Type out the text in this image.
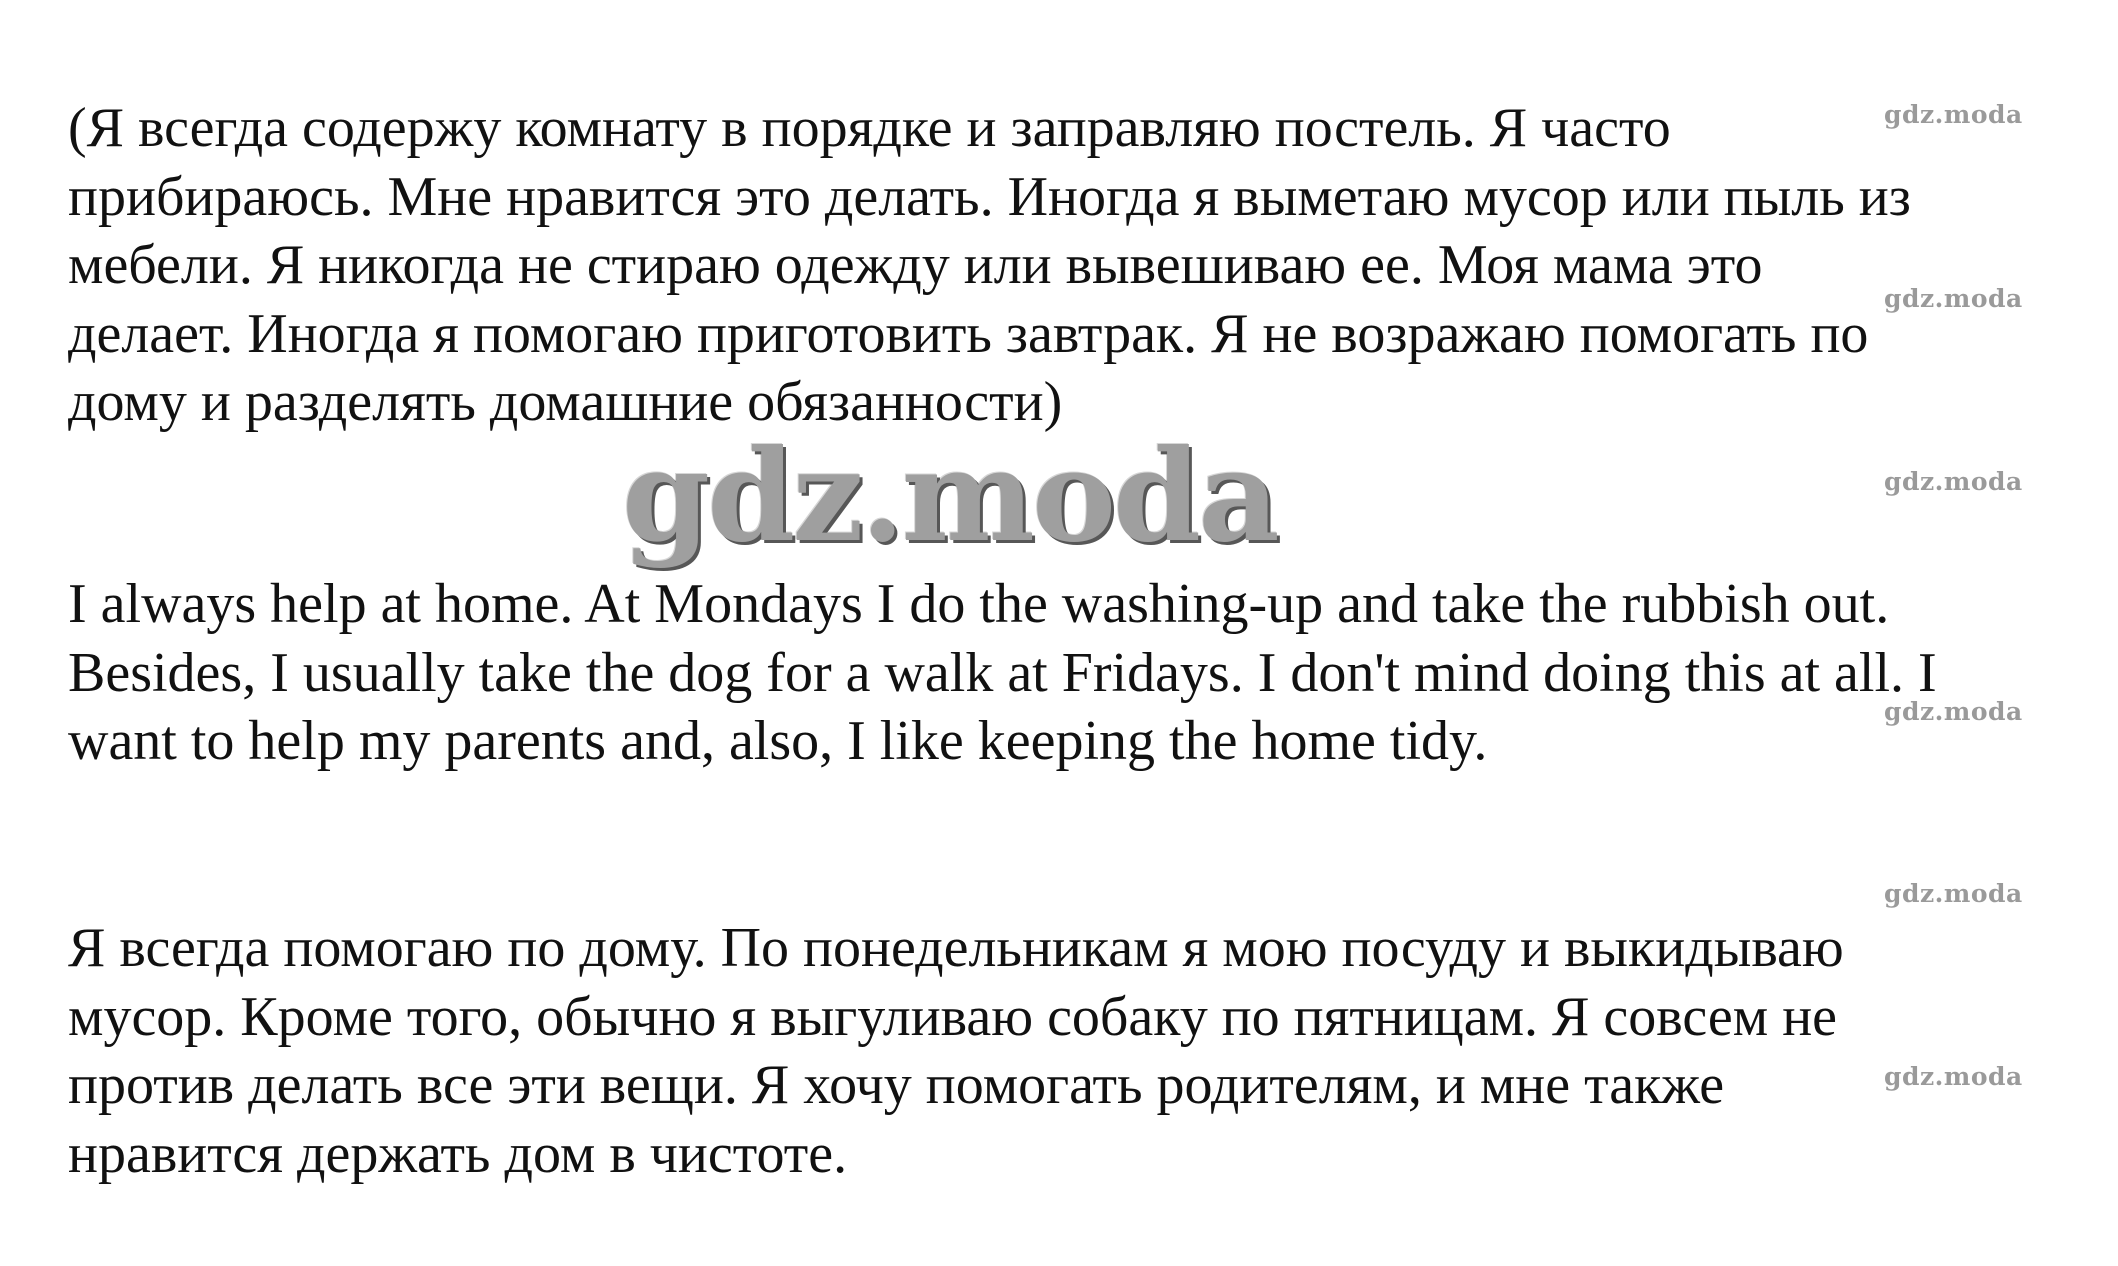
(Я всегда содержу комнату в порядке и заправляю постель. Я часто
прибираюсь. Мне нравится это делать. Иногда я выметаю мусор или пыль из
мебели. Я никогда не стираю одежду или вывешиваю ее. Моя мама это
делает. Иногда я помогаю приготовить завтрак. Я не возражаю помогать по
дому и разделять домашние обязанности)

gdz.moda

I always help at home. At Mondays I do the washing-up and take the rubbish out.
Besides, I usually take the dog for a walk at Fridays. I don't mind doing this at all. I
want to help my parents and, also, I like keeping the home tidy.

Я всегда помогаю по дому. По понедельникам я мою посуду и выкидываю
мусор. Кроме того, обычно я выгуливаю собаку по пятницам. Я совсем не
против делать все эти вещи. Я хочу помогать родителям, и мне также
нравится держать дом в чистоте.

gdz.moda
gdz.moda
gdz.moda
gdz.moda
gdz.moda
gdz.moda
